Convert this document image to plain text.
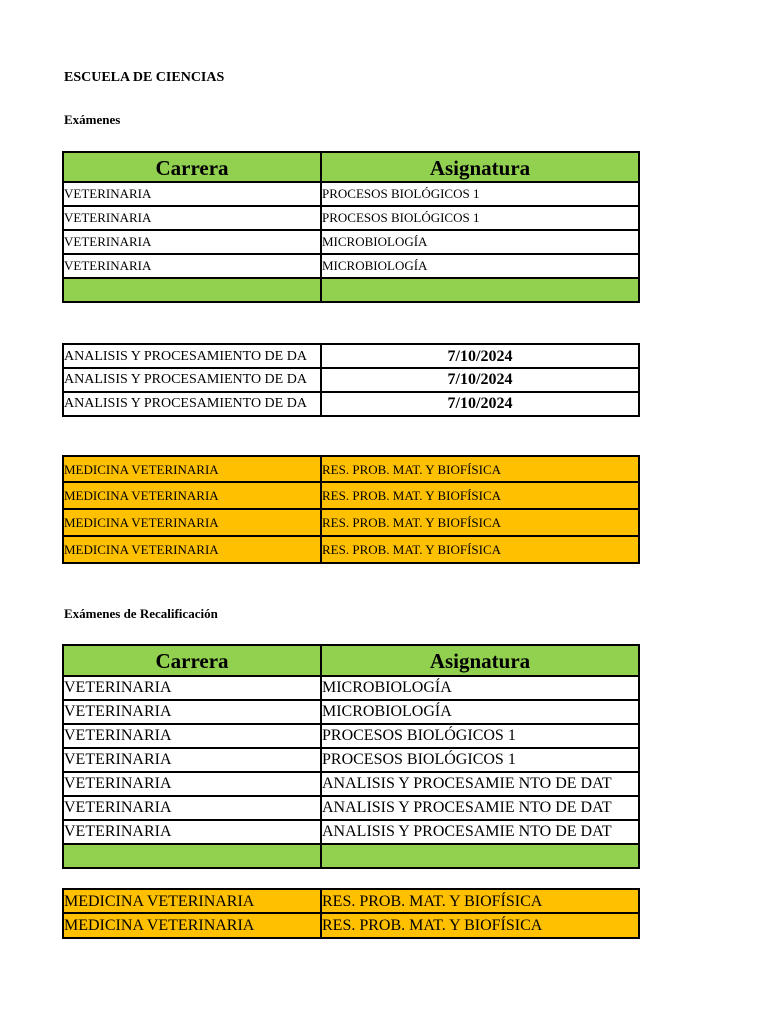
ESCUELA DE CIENCIAS
Exámenes
Carrera	Asignatura
VETERINARIA	PROCESOS BIOLÓGICOS 1
VETERINARIA	PROCESOS BIOLÓGICOS 1
VETERINARIA	MICROBIOLOGÍA
VETERINARIA	MICROBIOLOGÍA
ANALISIS Y PROCESAMIENTO DE DA	7/10/2024
ANALISIS Y PROCESAMIENTO DE DA	7/10/2024
ANALISIS Y PROCESAMIENTO DE DA	7/10/2024
MEDICINA VETERINARIA	RES. PROB. MAT. Y BIOFÍSICA
MEDICINA VETERINARIA	RES. PROB. MAT. Y BIOFÍSICA
MEDICINA VETERINARIA	RES. PROB. MAT. Y BIOFÍSICA
MEDICINA VETERINARIA	RES. PROB. MAT. Y BIOFÍSICA
Exámenes de Recalificación
Carrera	Asignatura
VETERINARIA	MICROBIOLOGÍA
VETERINARIA	MICROBIOLOGÍA
VETERINARIA	PROCESOS BIOLÓGICOS 1
VETERINARIA	PROCESOS BIOLÓGICOS 1
VETERINARIA	ANALISIS Y PROCESAMIE NTO DE DAT
VETERINARIA	ANALISIS Y PROCESAMIE NTO DE DAT
VETERINARIA	ANALISIS Y PROCESAMIE NTO DE DAT
MEDICINA VETERINARIA	RES. PROB. MAT. Y BIOFÍSICA
MEDICINA VETERINARIA	RES. PROB. MAT. Y BIOFÍSICA
